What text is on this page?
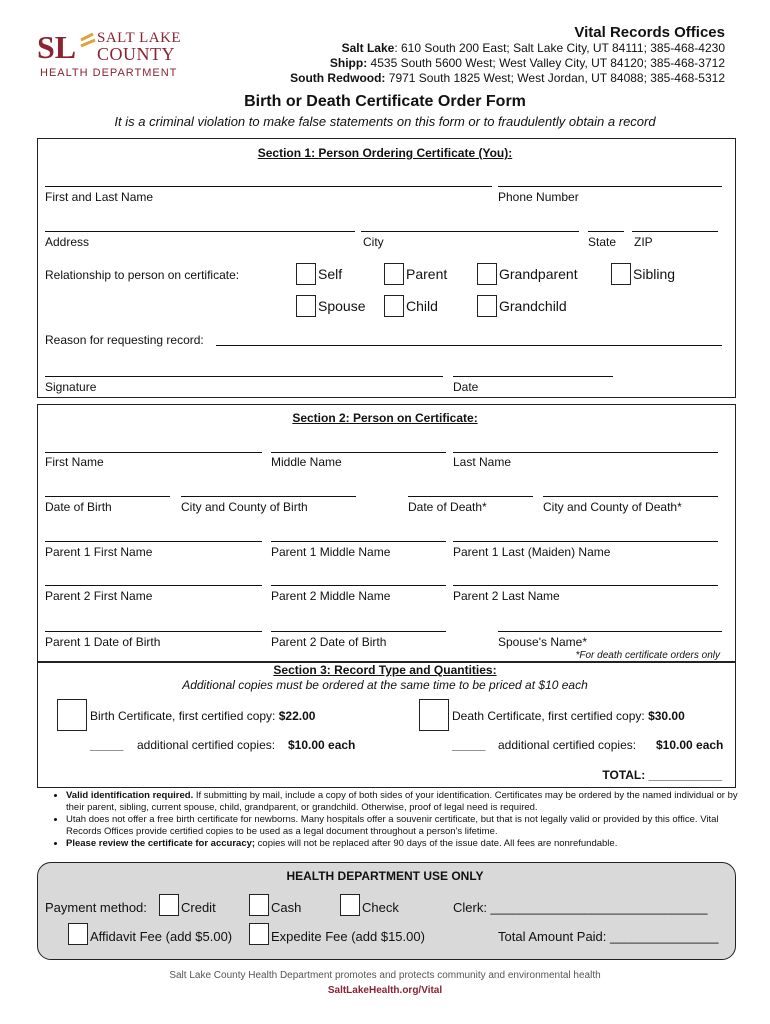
SL SALT LAKE
COUNTY
HEALTH DEPARTMENT
Vital Records Offices
Salt Lake: 610 South 200 East; Salt Lake City, UT 84111; 385-468-4230
Shipp: 4535 South 5600 West; West Valley City, UT 84120; 385-468-3712
South Redwood: 7971 South 1825 West; West Jordan, UT 84088; 385-468-5312
Birth or Death Certificate Order Form
It is a criminal violation to make false statements on this form or to fraudulently obtain a record
Section 1: Person Ordering Certificate (You):
First and Last Name	Phone Number
Address	City	State ZIP
Relationship to person on certificate:	Self	Parent	Grandparent	Sibling
Spouse	Child	Grandchild
Reason for requesting record:
Signature	Date
Section 2: Person on Certificate:
First Name	Middle Name	Last Name
Date of Birth	City and County of Birth	Date of Death*	City and County of Death*
Parent 1 First Name	Parent 1 Middle Name	Parent 1 Last (Maiden) Name
Parent 2 First Name	Parent 2 Middle Name	Parent 2 Last Name
Parent 1 Date of Birth	Parent 2 Date of Birth	Spouse's Name*
*For death certificate orders only
Section 3: Record Type and Quantities:
Additional copies must be ordered at the same time to be priced at $10 each
Birth Certificate, first certified copy: $22.00	Death Certificate, first certified copy: $30.00
_____ additional certified copies: $10.00 each	_____ additional certified copies: $10.00 each
TOTAL: ___________
• Valid identification required. If submitting by mail, include a copy of both sides of your identification. Certificates may be ordered by the named individual or by their parent, sibling, current spouse, child, grandparent, or grandchild. Otherwise, proof of legal need is required.
• Utah does not offer a free birth certificate for newborns. Many hospitals offer a souvenir certificate, but that is not legally valid or provided by this office. Vital Records Offices provide certified copies to be used as a legal document throughout a person's lifetime.
• Please review the certificate for accuracy; copies will not be replaced after 90 days of the issue date. All fees are nonrefundable.
HEALTH DEPARTMENT USE ONLY
Payment method:	Credit	Cash	Check	Clerk: ______________________________
Affidavit Fee (add $5.00)	Expedite Fee (add $15.00)	Total Amount Paid: _______________
Salt Lake County Health Department promotes and protects community and environmental health
SaltLakeHealth.org/Vital
